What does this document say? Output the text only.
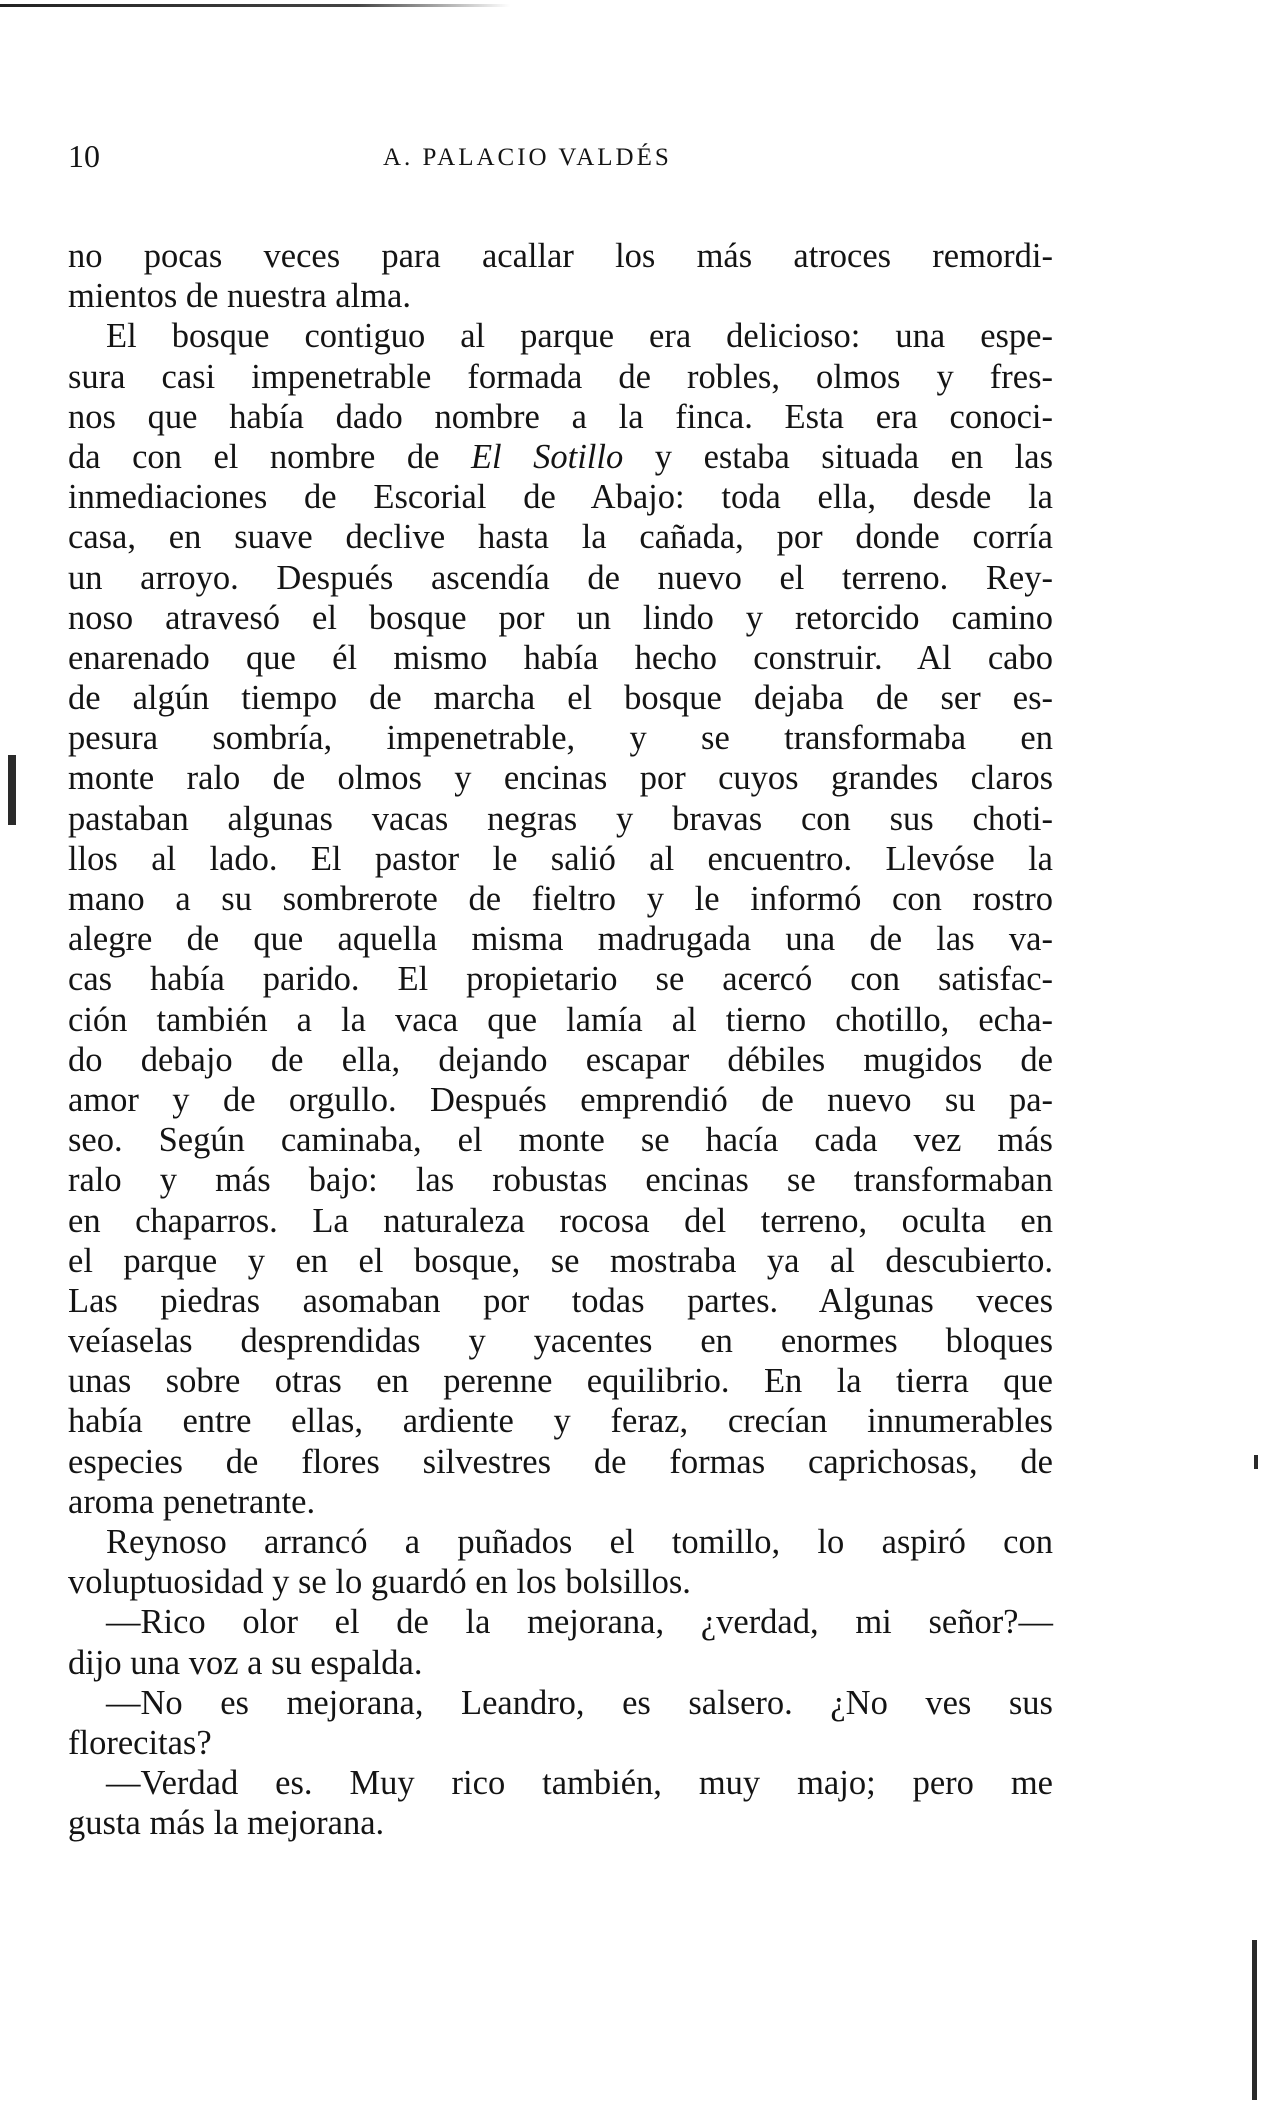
10	A. PALACIO VALDÉS
no pocas veces para acallar los más atroces remordi-
mientos de nuestra alma.
El bosque contiguo al parque era delicioso: una espe-
sura casi impenetrable formada de robles, olmos y fres-
nos que había dado nombre a la finca. Esta era conoci-
da con el nombre de El Sotillo y estaba situada en las
inmediaciones de Escorial de Abajo: toda ella, desde la
casa, en suave declive hasta la cañada, por donde corría
un arroyo. Después ascendía de nuevo el terreno. Rey-
noso atravesó el bosque por un lindo y retorcido camino
enarenado que él mismo había hecho construir. Al cabo
de algún tiempo de marcha el bosque dejaba de ser es-
pesura sombría, impenetrable, y se transformaba en
monte ralo de olmos y encinas por cuyos grandes claros
pastaban algunas vacas negras y bravas con sus choti-
llos al lado. El pastor le salió al encuentro. Llevóse la
mano a su sombrerote de fieltro y le informó con rostro
alegre de que aquella misma madrugada una de las va-
cas había parido. El propietario se acercó con satisfac-
ción también a la vaca que lamía al tierno chotillo, echa-
do debajo de ella, dejando escapar débiles mugidos de
amor y de orgullo. Después emprendió de nuevo su pa-
seo. Según caminaba, el monte se hacía cada vez más
ralo y más bajo: las robustas encinas se transformaban
en chaparros. La naturaleza rocosa del terreno, oculta en
el parque y en el bosque, se mostraba ya al descubierto.
Las piedras asomaban por todas partes. Algunas veces
veíaselas desprendidas y yacentes en enormes bloques
unas sobre otras en perenne equilibrio. En la tierra que
había entre ellas, ardiente y feraz, crecían innumerables
especies de flores silvestres de formas caprichosas, de
aroma penetrante.
Reynoso arrancó a puñados el tomillo, lo aspiró con
voluptuosidad y se lo guardó en los bolsillos.
—Rico olor el de la mejorana, ¿verdad, mi señor?—
dijo una voz a su espalda.
—No es mejorana, Leandro, es salsero. ¿No ves sus
florecitas?
—Verdad es. Muy rico también, muy majo; pero me
gusta más la mejorana.
